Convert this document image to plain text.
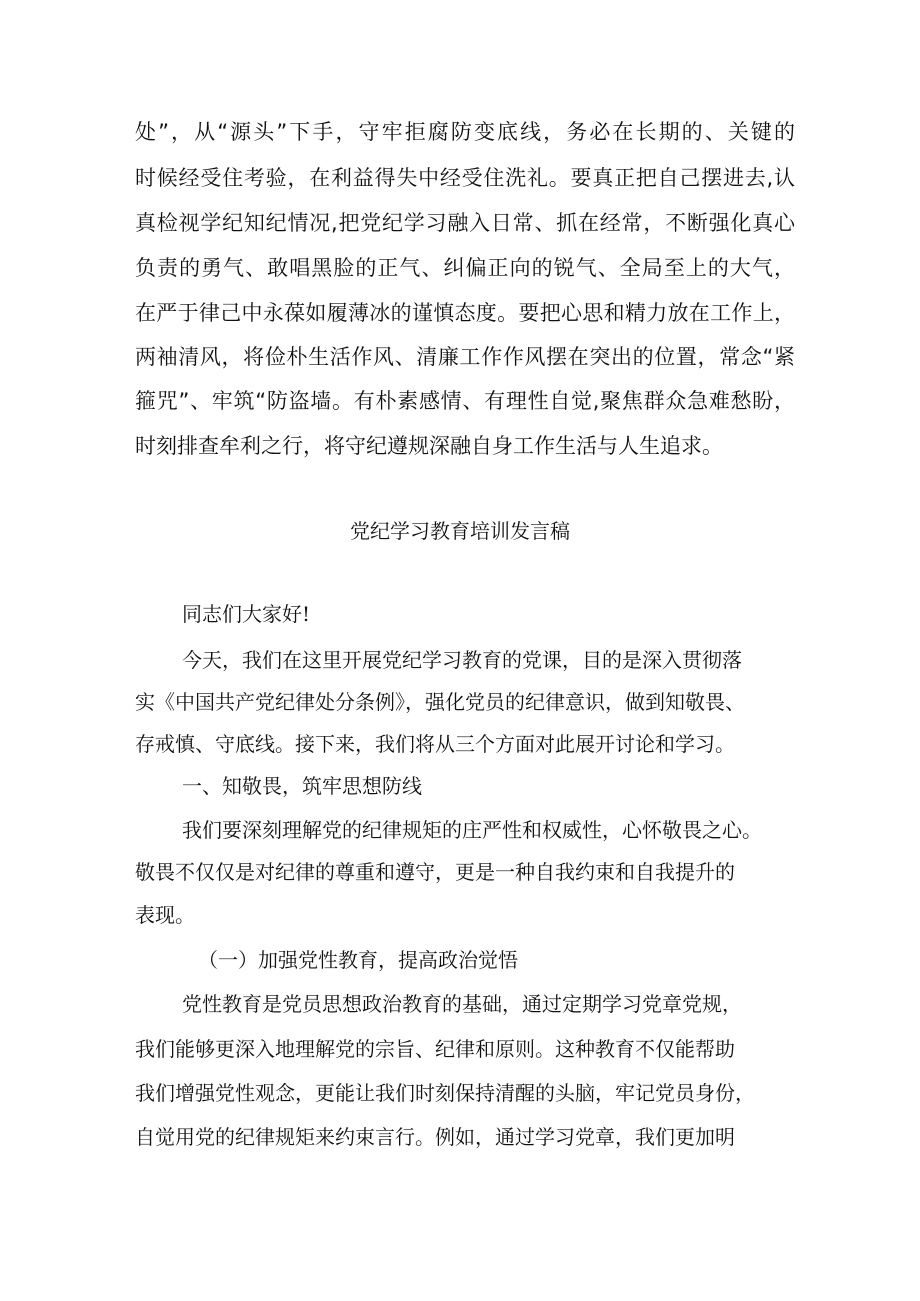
处”，从“源头”下手，守牢拒腐防变底线，务必在长期的、关键的
时候经受住考验，在利益得失中经受住洗礼。要真正把自己摆进去,认
真检视学纪知纪情况,把党纪学习融入日常、抓在经常，不断强化真心
负责的勇气、敢唱黑脸的正气、纠偏正向的锐气、全局至上的大气，
在严于律己中永葆如履薄冰的谨慎态度。要把心思和精力放在工作上，
两袖清风，将俭朴生活作风、清廉工作作风摆在突出的位置，常念“紧
箍咒”、牢筑“防盗墙。有朴素感情、有理性自觉,聚焦群众急难愁盼，
时刻排查牟利之行，将守纪遵规深融自身工作生活与人生追求。
党纪学习教育培训发言稿
同志们大家好!
今天，我们在这里开展党纪学习教育的党课，目的是深入贯彻落
实《中国共产党纪律处分条例》，强化党员的纪律意识，做到知敬畏、
存戒慎、守底线。接下来，我们将从三个方面对此展开讨论和学习。
一、知敬畏，筑牢思想防线
我们要深刻理解党的纪律规矩的庄严性和权威性，心怀敬畏之心。
敬畏不仅仅是对纪律的尊重和遵守，更是一种自我约束和自我提升的
表现。
（一）加强党性教育，提高政治觉悟
党性教育是党员思想政治教育的基础，通过定期学习党章党规，
我们能够更深入地理解党的宗旨、纪律和原则。这种教育不仅能帮助
我们增强党性观念，更能让我们时刻保持清醒的头脑，牢记党员身份，
自觉用党的纪律规矩来约束言行。例如，通过学习党章，我们更加明
